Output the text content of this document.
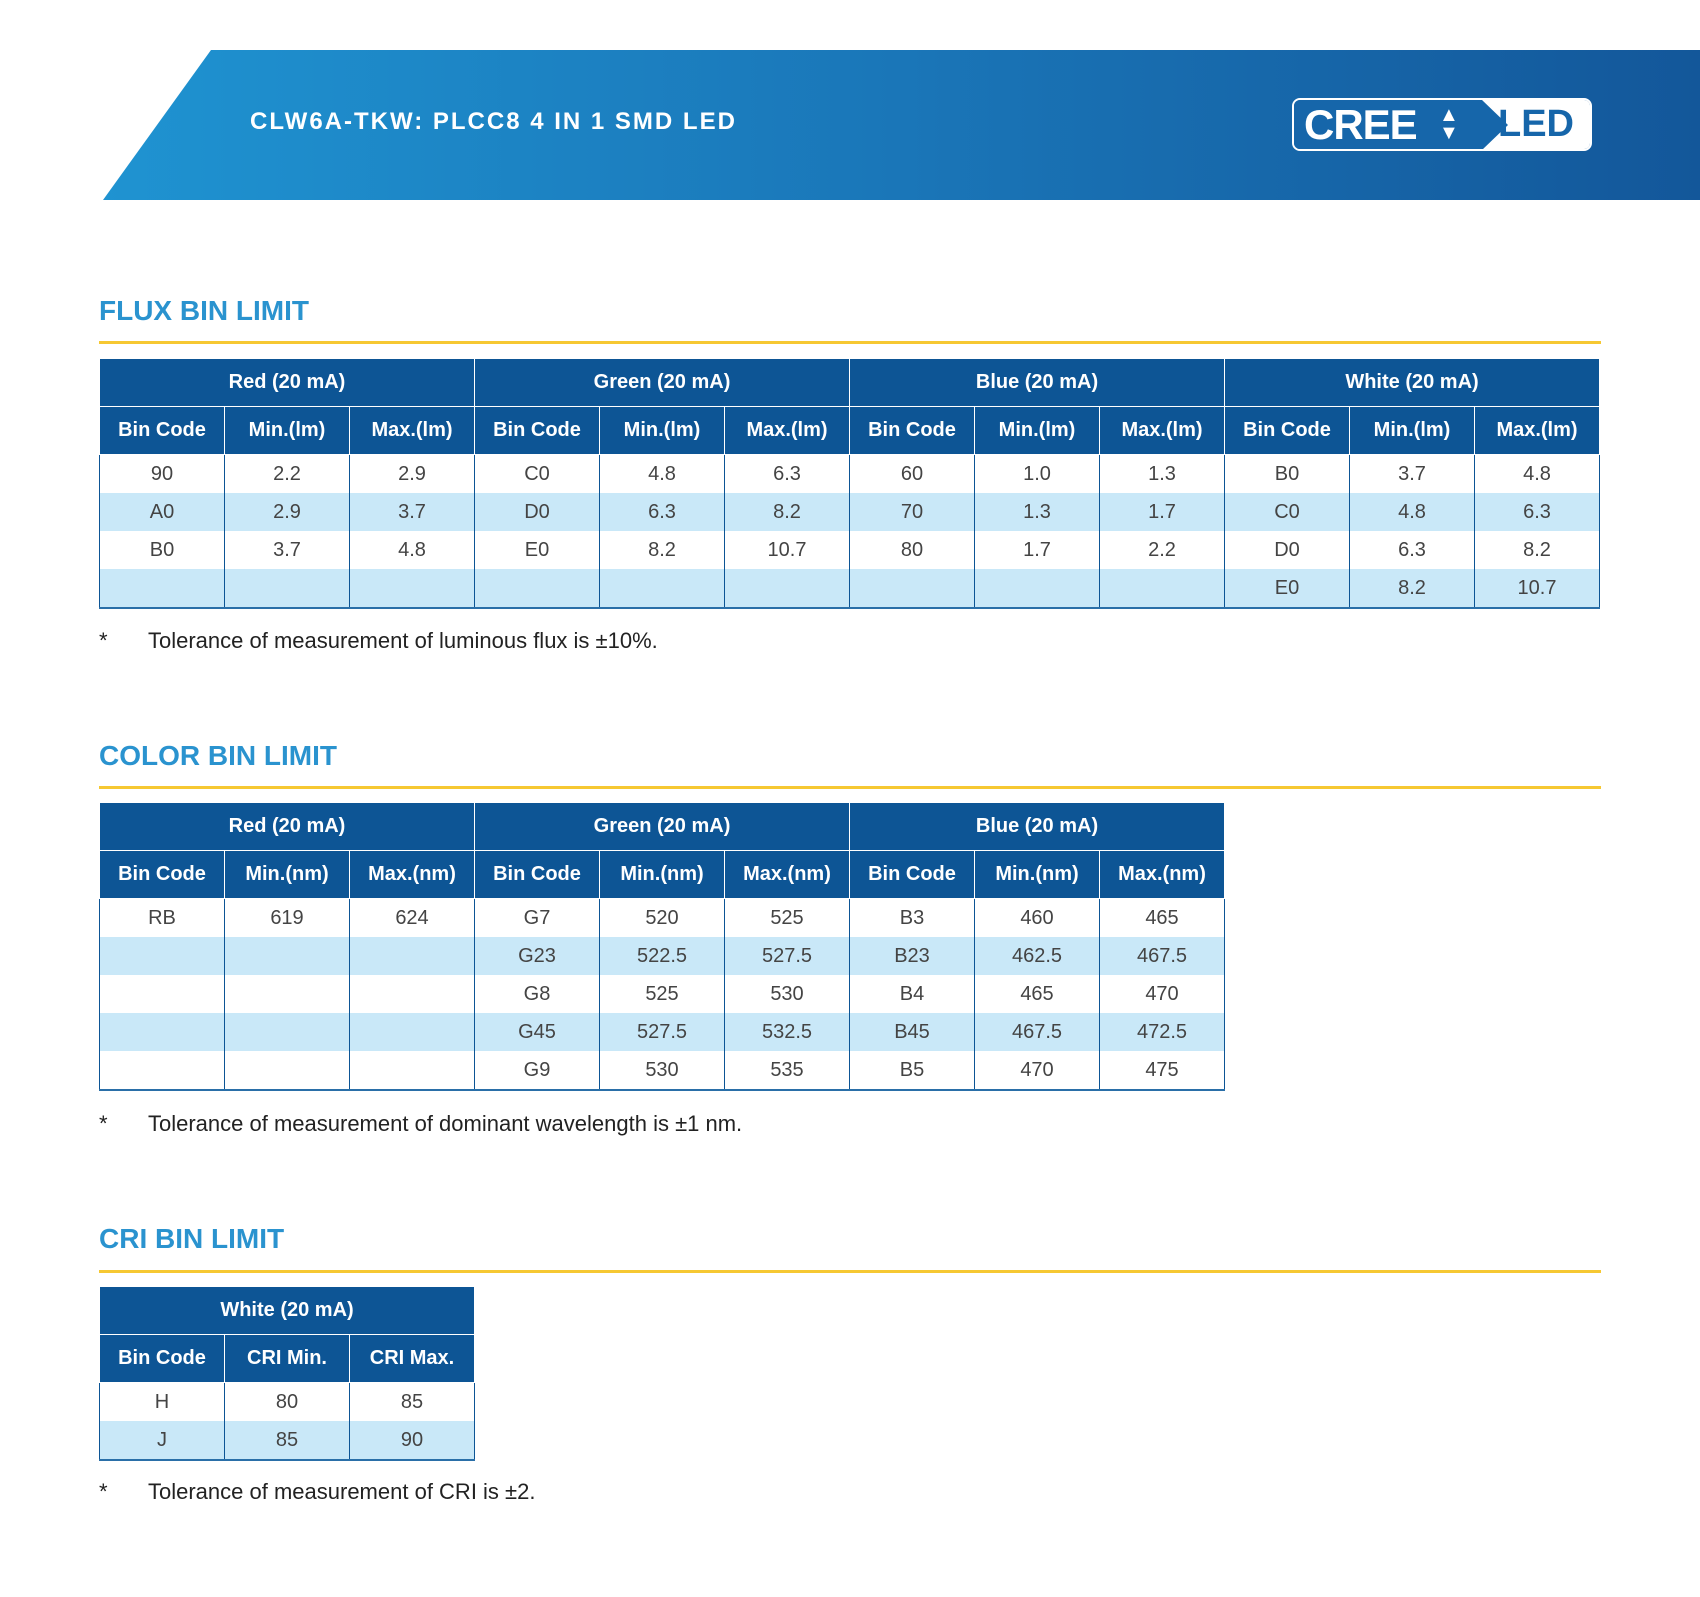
CLW6A-TKW: PLCC8 4 IN 1 SMD LED	CREE ▲
▼	LED
FLUX BIN LIMIT
Red (20 mA)			Green (20 mA)			Blue (20 mA)			White (20 mA)		
Bin Code	Min.(lm)	Max.(lm)	Bin Code	Min.(lm)	Max.(lm)	Bin Code	Min.(lm)	Max.(lm)	Bin Code	Min.(lm)	Max.(lm)
90	2.2	2.9	C0	4.8	6.3	60	1.0	1.3	B0	3.7	4.8
A0	2.9	3.7	D0	6.3	8.2	70	1.3	1.7	C0	4.8	6.3
B0	3.7	4.8	E0	8.2	10.7	80	1.7	2.2	D0	6.3	8.2
									E0	8.2	10.7
* Tolerance of measurement of luminous flux is ±10%.
COLOR BIN LIMIT
Red (20 mA)			Green (20 mA)			Blue (20 mA)		
Bin Code	Min.(nm)	Max.(nm)	Bin Code	Min.(nm)	Max.(nm)	Bin Code	Min.(nm)	Max.(nm)
RB	619	624	G7	520	525	B3	460	465
			G23	522.5	527.5	B23	462.5	467.5
			G8	525	530	B4	465	470
			G45	527.5	532.5	B45	467.5	472.5
			G9	530	535	B5	470	475
* Tolerance of measurement of dominant wavelength is ±1 nm.
CRI BIN LIMIT
White (20 mA)		
Bin Code	CRI Min.	CRI Max.
H	80	85
J	85	90
* Tolerance of measurement of CRI is ±2.
